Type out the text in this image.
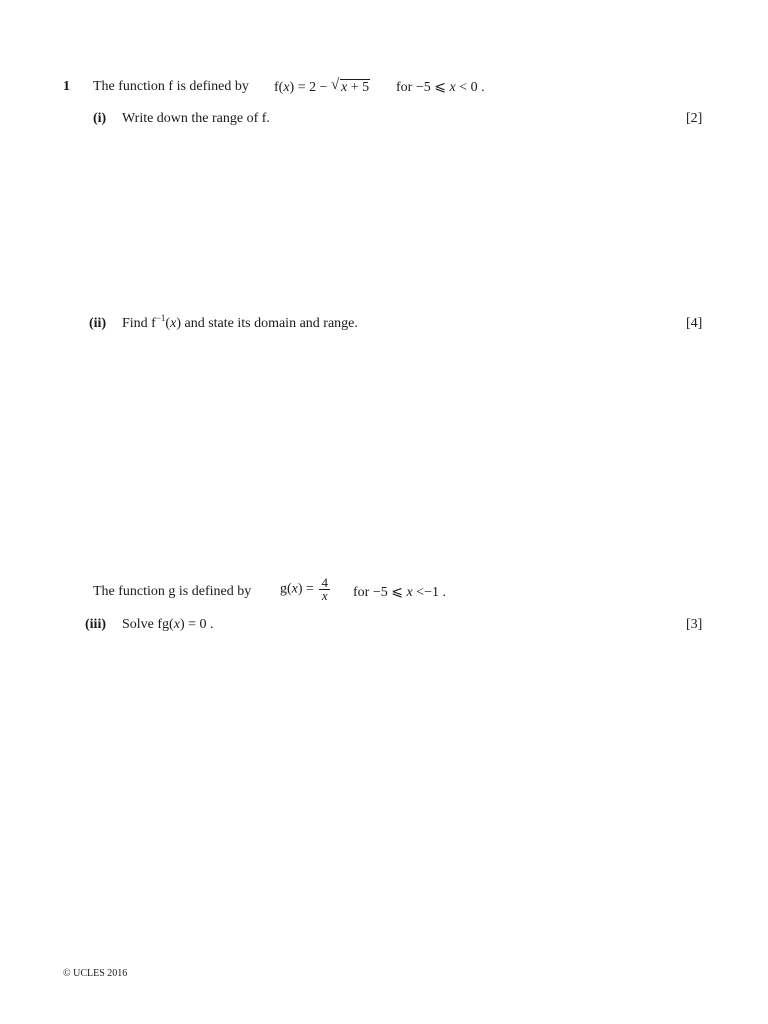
1 The function f is defined by f(x) = 2 − √ x + 5 for −5 ⩽ x < 0 .
(i) Write down the range of f.	[2]
(ii) Find $f^{-1}(x)$ and state its domain and range.	[4]
The function g is defined by $g(x) = \frac{4}{x}$ for −5 ⩽ x <−1 .
(iii) Solve fg(x) = 0 .	[3]
© UCLES 2016
